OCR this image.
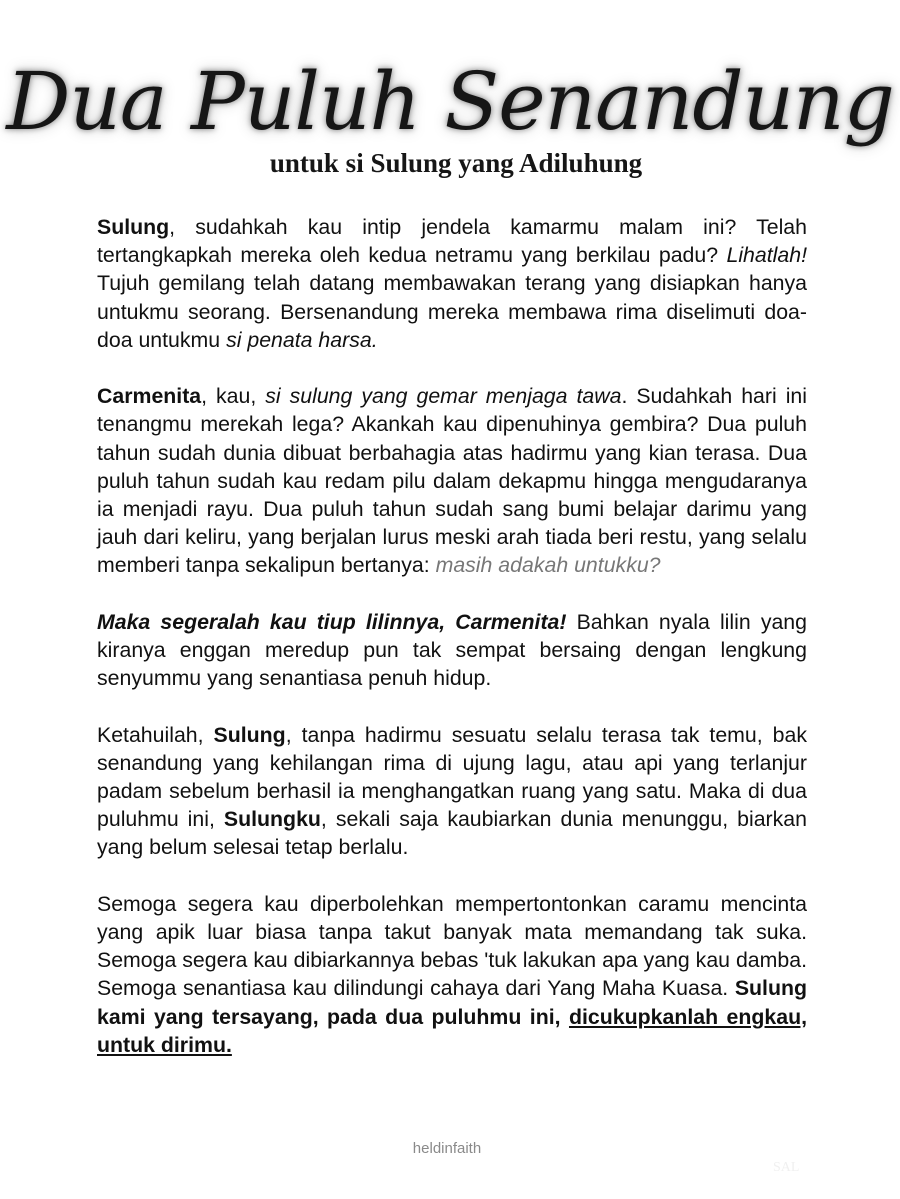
Dua Puluh Senandung
untuk si Sulung yang Adiluhung

Sulung, sudahkah kau intip jendela kamarmu malam ini? Telah tertangkapkah mereka oleh kedua netramu yang berkilau padu? Lihatlah! Tujuh gemilang telah datang membawakan terang yang disiapkan hanya untukmu seorang. Bersenandung mereka membawa rima diselimuti doa-doa untukmu si penata harsa.

Carmenita, kau, si sulung yang gemar menjaga tawa. Sudahkah hari ini tenangmu merekah lega? Akankah kau dipenuhinya gembira? Dua puluh tahun sudah dunia dibuat berbahagia atas hadirmu yang kian terasa. Dua puluh tahun sudah kau redam pilu dalam dekapmu hingga mengudaranya ia menjadi rayu. Dua puluh tahun sudah sang bumi belajar darimu yang jauh dari keliru, yang berjalan lurus meski arah tiada beri restu, yang selalu memberi tanpa sekalipun bertanya: masih adakah untukku?

Maka segeralah kau tiup lilinnya, Carmenita! Bahkan nyala lilin yang kiranya enggan meredup pun tak sempat bersaing dengan lengkung senyummu yang senantiasa penuh hidup.

Ketahuilah, Sulung, tanpa hadirmu sesuatu selalu terasa tak temu, bak senandung yang kehilangan rima di ujung lagu, atau api yang terlanjur padam sebelum berhasil ia menghangatkan ruang yang satu. Maka di dua puluhmu ini, Sulungku, sekali saja kaubiarkan dunia menunggu, biarkan yang belum selesai tetap berlalu.

Semoga segera kau diperbolehkan mempertontonkan caramu mencinta yang apik luar biasa tanpa takut banyak mata memandang tak suka. Semoga segera kau dibiarkannya bebas 'tuk lakukan apa yang kau damba. Semoga senantiasa kau dilindungi cahaya dari Yang Maha Kuasa. Sulung kami yang tersayang, pada dua puluhmu ini, dicukupkanlah engkau, untuk dirimu.

heldinfaith
SAL
